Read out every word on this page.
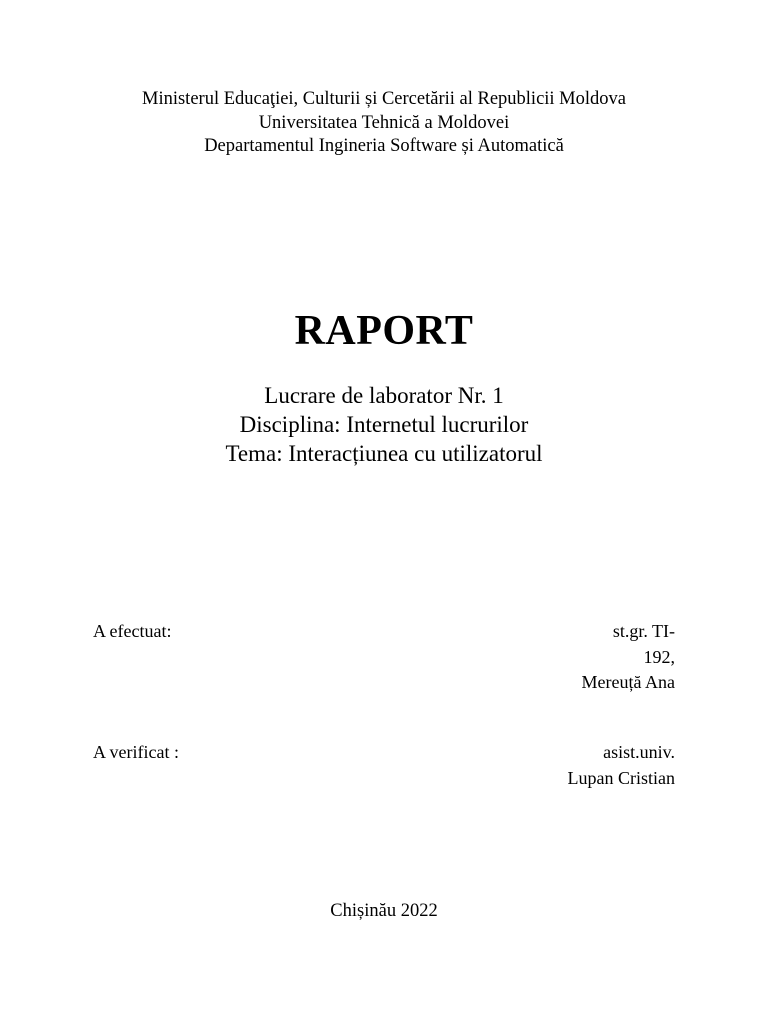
Ministerul Educaţiei, Culturii și Cercetării al Republicii Moldova
Universitatea Tehnică a Moldovei
Departamentul Ingineria Software și Automatică
RAPORT
Lucrare de laborator Nr. 1
Disciplina: Internetul lucrurilor
Tema: Interacțiunea cu utilizatorul
A efectuat:	st.gr. TI-
192,
Mereuță Ana
A verificat :	asist.univ.
Lupan Cristian
Chișinău 2022
